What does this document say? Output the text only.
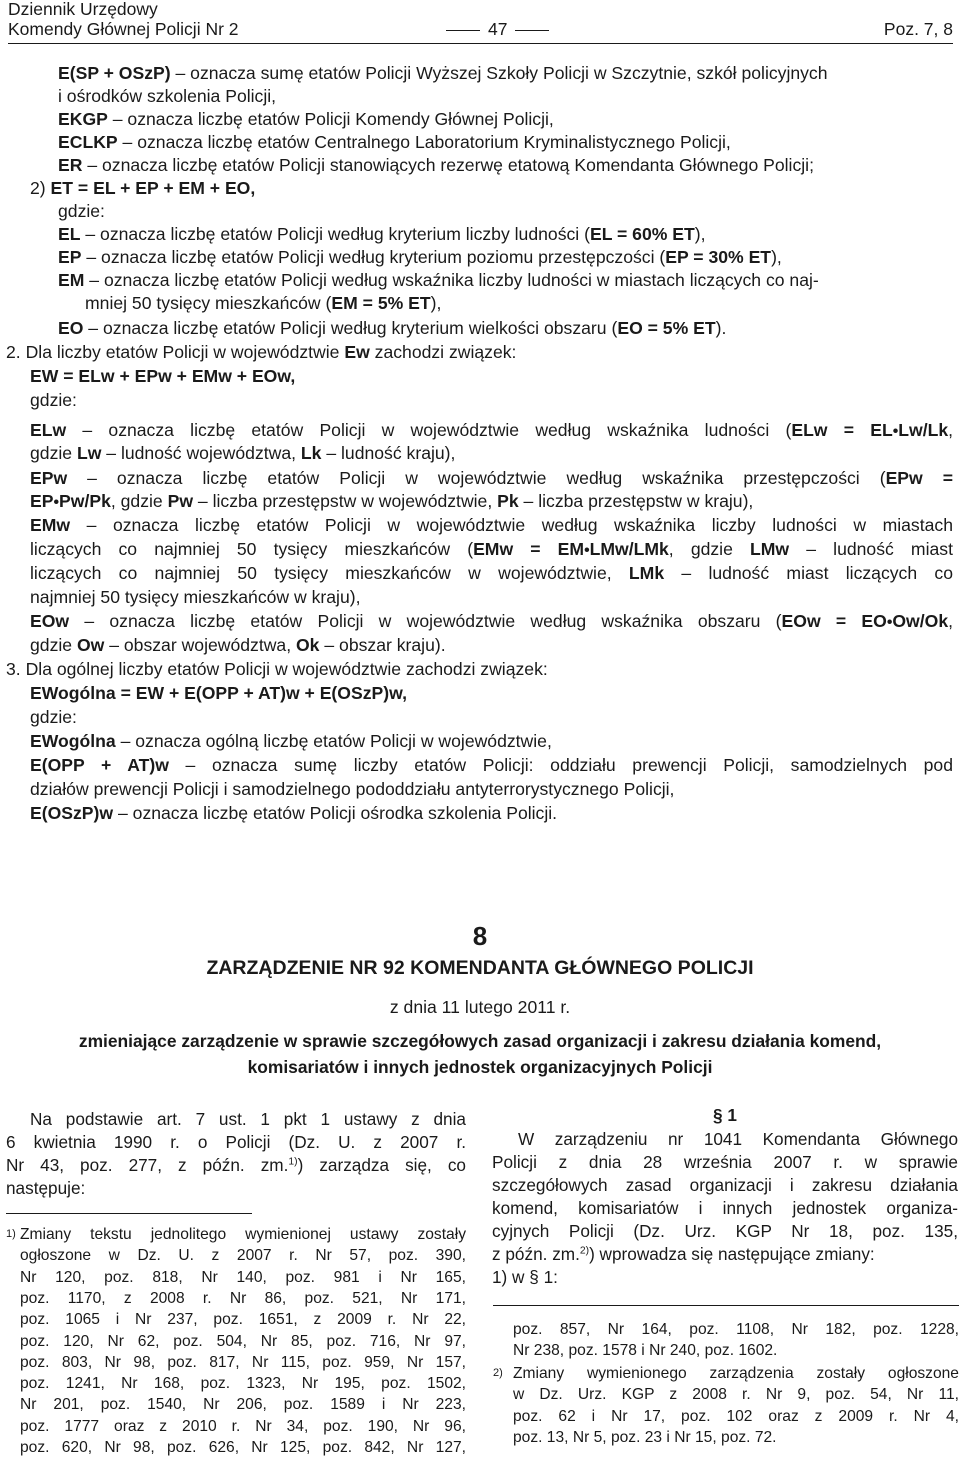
Dziennik Urzędowy
Komendy Głównej Policji Nr 2	47	Poz. 7, 8
E(SP + OSzP) – oznacza sumę etatów Policji Wyższej Szkoły Policji w Szczytnie, szkół policyjnych
i ośrodków szkolenia Policji,
EKGP – oznacza liczbę etatów Policji Komendy Głównej Policji,
ECLKP – oznacza liczbę etatów Centralnego Laboratorium Kryminalistycznego Policji,
ER – oznacza liczbę etatów Policji stanowiących rezerwę etatową Komendanta Głównego Policji;
2) ET = EL + EP + EM + EO,
gdzie:
EL – oznacza liczbę etatów Policji według kryterium liczby ludności (EL = 60% ET),
EP – oznacza liczbę etatów Policji według kryterium poziomu przestępczości (EP = 30% ET),
EM – oznacza liczbę etatów Policji według wskaźnika liczby ludności w miastach liczących co naj-
mniej 50 tysięcy mieszkańców (EM = 5% ET),
EO – oznacza liczbę etatów Policji według kryterium wielkości obszaru (EO = 5% ET).
2. Dla liczby etatów Policji w województwie Ew zachodzi związek:
EW = ELw + EPw + EMw + EOw,
gdzie:
ELw – oznacza liczbę etatów Policji w województwie według wskaźnika ludności (ELw = EL•Lw/Lk,
gdzie Lw – ludność województwa, Lk – ludność kraju),
EPw – oznacza liczbę etatów Policji w województwie według wskaźnika przestępczości (EPw =
EP•Pw/Pk, gdzie Pw – liczba przestępstw w województwie, Pk – liczba przestępstw w kraju),
EMw – oznacza liczbę etatów Policji w województwie według wskaźnika liczby ludności w miastach
liczących co najmniej 50 tysięcy mieszkańców (EMw = EM•LMw/LMk, gdzie LMw – ludność miast
liczących co najmniej 50 tysięcy mieszkańców w województwie, LMk – ludność miast liczących co
najmniej 50 tysięcy mieszkańców w kraju),
EOw – oznacza liczbę etatów Policji w województwie według wskaźnika obszaru (EOw = EO•Ow/Ok,
gdzie Ow – obszar województwa, Ok – obszar kraju).
3. Dla ogólnej liczby etatów Policji w województwie zachodzi związek:
EWogólna = EW + E(OPP + AT)w + E(OSzP)w,
gdzie:
EWogólna – oznacza ogólną liczbę etatów Policji w województwie,
E(OPP + AT)w – oznacza sumę liczby etatów Policji: oddziału prewencji Policji, samodzielnych pod
działów prewencji Policji i samodzielnego pododdziału antyterrorystycznego Policji,
E(OSzP)w – oznacza liczbę etatów Policji ośrodka szkolenia Policji.
8
ZARZĄDZENIE NR 92 KOMENDANTA GŁÓWNEGO POLICJI
z dnia 11 lutego 2011 r.
zmieniające zarządzenie w sprawie szczegółowych zasad organizacji i zakresu działania komend,
komisariatów i innych jednostek organizacyjnych Policji
Na podstawie art. 7 ust. 1 pkt 1 ustawy z dnia
6 kwietnia 1990 r. o Policji (Dz. U. z 2007 r.
Nr 43, poz. 277, z późn. zm.$^{1)}$) zarządza się, co
następuje:
1) Zmiany tekstu jednolitego wymienionej ustawy zostały
ogłoszone w Dz. U. z 2007 r. Nr 57, poz. 390,
Nr 120, poz. 818, Nr 140, poz. 981 i Nr 165,
poz. 1170, z 2008 r. Nr 86, poz. 521, Nr 171,
poz. 1065 i Nr 237, poz. 1651, z 2009 r. Nr 22,
poz. 120, Nr 62, poz. 504, Nr 85, poz. 716, Nr 97,
poz. 803, Nr 98, poz. 817, Nr 115, poz. 959, Nr 157,
poz. 1241, Nr 168, poz. 1323, Nr 195, poz. 1502,
Nr 201, poz. 1540, Nr 206, poz. 1589 i Nr 223,
poz. 1777 oraz z 2010 r. Nr 34, poz. 190, Nr 96,
poz. 620, Nr 98, poz. 626, Nr 125, poz. 842, Nr 127,
§ 1
W zarządzeniu nr 1041 Komendanta Głównego
Policji z dnia 28 września 2007 r. w sprawie
szczegółowych zasad organizacji i zakresu działania
komend, komisariatów i innych jednostek organiza-
cyjnych Policji (Dz. Urz. KGP Nr 18, poz. 135,
z późn. zm.$^{2)}$) wprowadza się następujące zmiany:
1) w § 1:
poz. 857, Nr 164, poz. 1108, Nr 182, poz. 1228,
Nr 238, poz. 1578 i Nr 240, poz. 1602.
2) Zmiany wymienionego zarządzenia zostały ogłoszone
w Dz. Urz. KGP z 2008 r. Nr 9, poz. 54, Nr 11,
poz. 62 i Nr 17, poz. 102 oraz z 2009 r. Nr 4,
poz. 13, Nr 5, poz. 23 i Nr 15, poz. 72.
